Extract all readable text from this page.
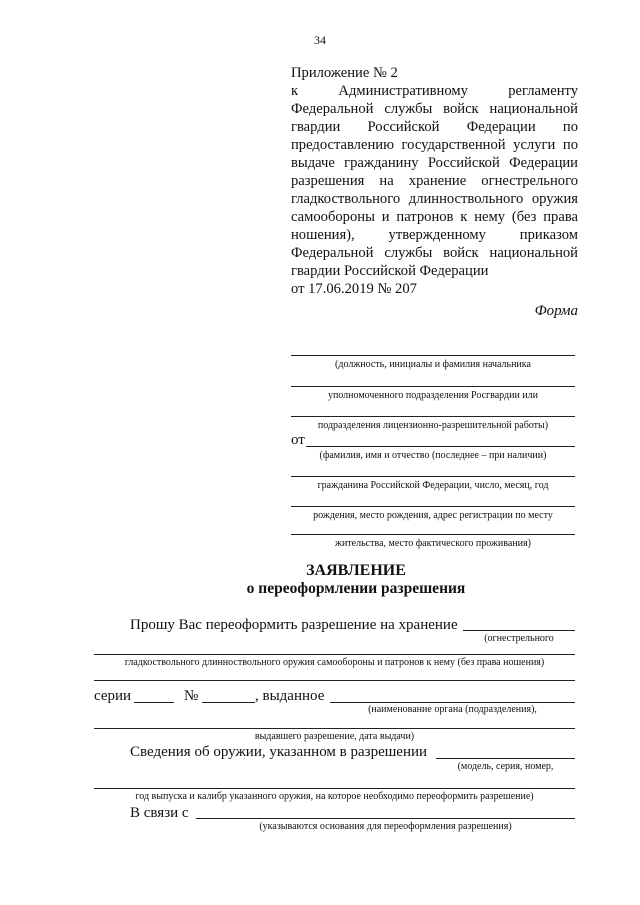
34
Приложение № 2
к Административному регламенту
Федеральной службы войск национальной
гвардии Российской Федерации по
предоставлению государственной услуги по
выдаче гражданину Российской Федерации
разрешения на хранение огнестрельного
гладкоствольного длинноствольного оружия
самообороны и патронов к нему (без права
ношения), утвержденному приказом
Федеральной службы войск национальной
гвардии Российской Федерации
от 17.06.2019 № 207
Форма
(должность, инициалы и фамилия начальника
уполномоченного подразделения Росгвардии или
подразделения лицензионно-разрешительной работы)
от
(фамилия, имя и отчество (последнее – при наличии)
гражданина Российской Федерации, число, месяц, год
рождения, место рождения, адрес регистрации по месту
жительства, место фактического проживания)
ЗАЯВЛЕНИЕ
о переоформлении разрешения
Прошу Вас переоформить разрешение на хранение
(огнестрельного
гладкоствольного длинноствольного оружия самообороны и патронов к нему (без права ношения)
серии	№	, выданное
(наименование органа (подразделения),
выдавшего разрешение, дата выдачи)
Сведения об оружии, указанном в разрешении
(модель, серия, номер,
год выпуска и калибр указанного оружия, на которое необходимо переоформить разрешение)
В связи с
(указываются основания для переоформления разрешения)
